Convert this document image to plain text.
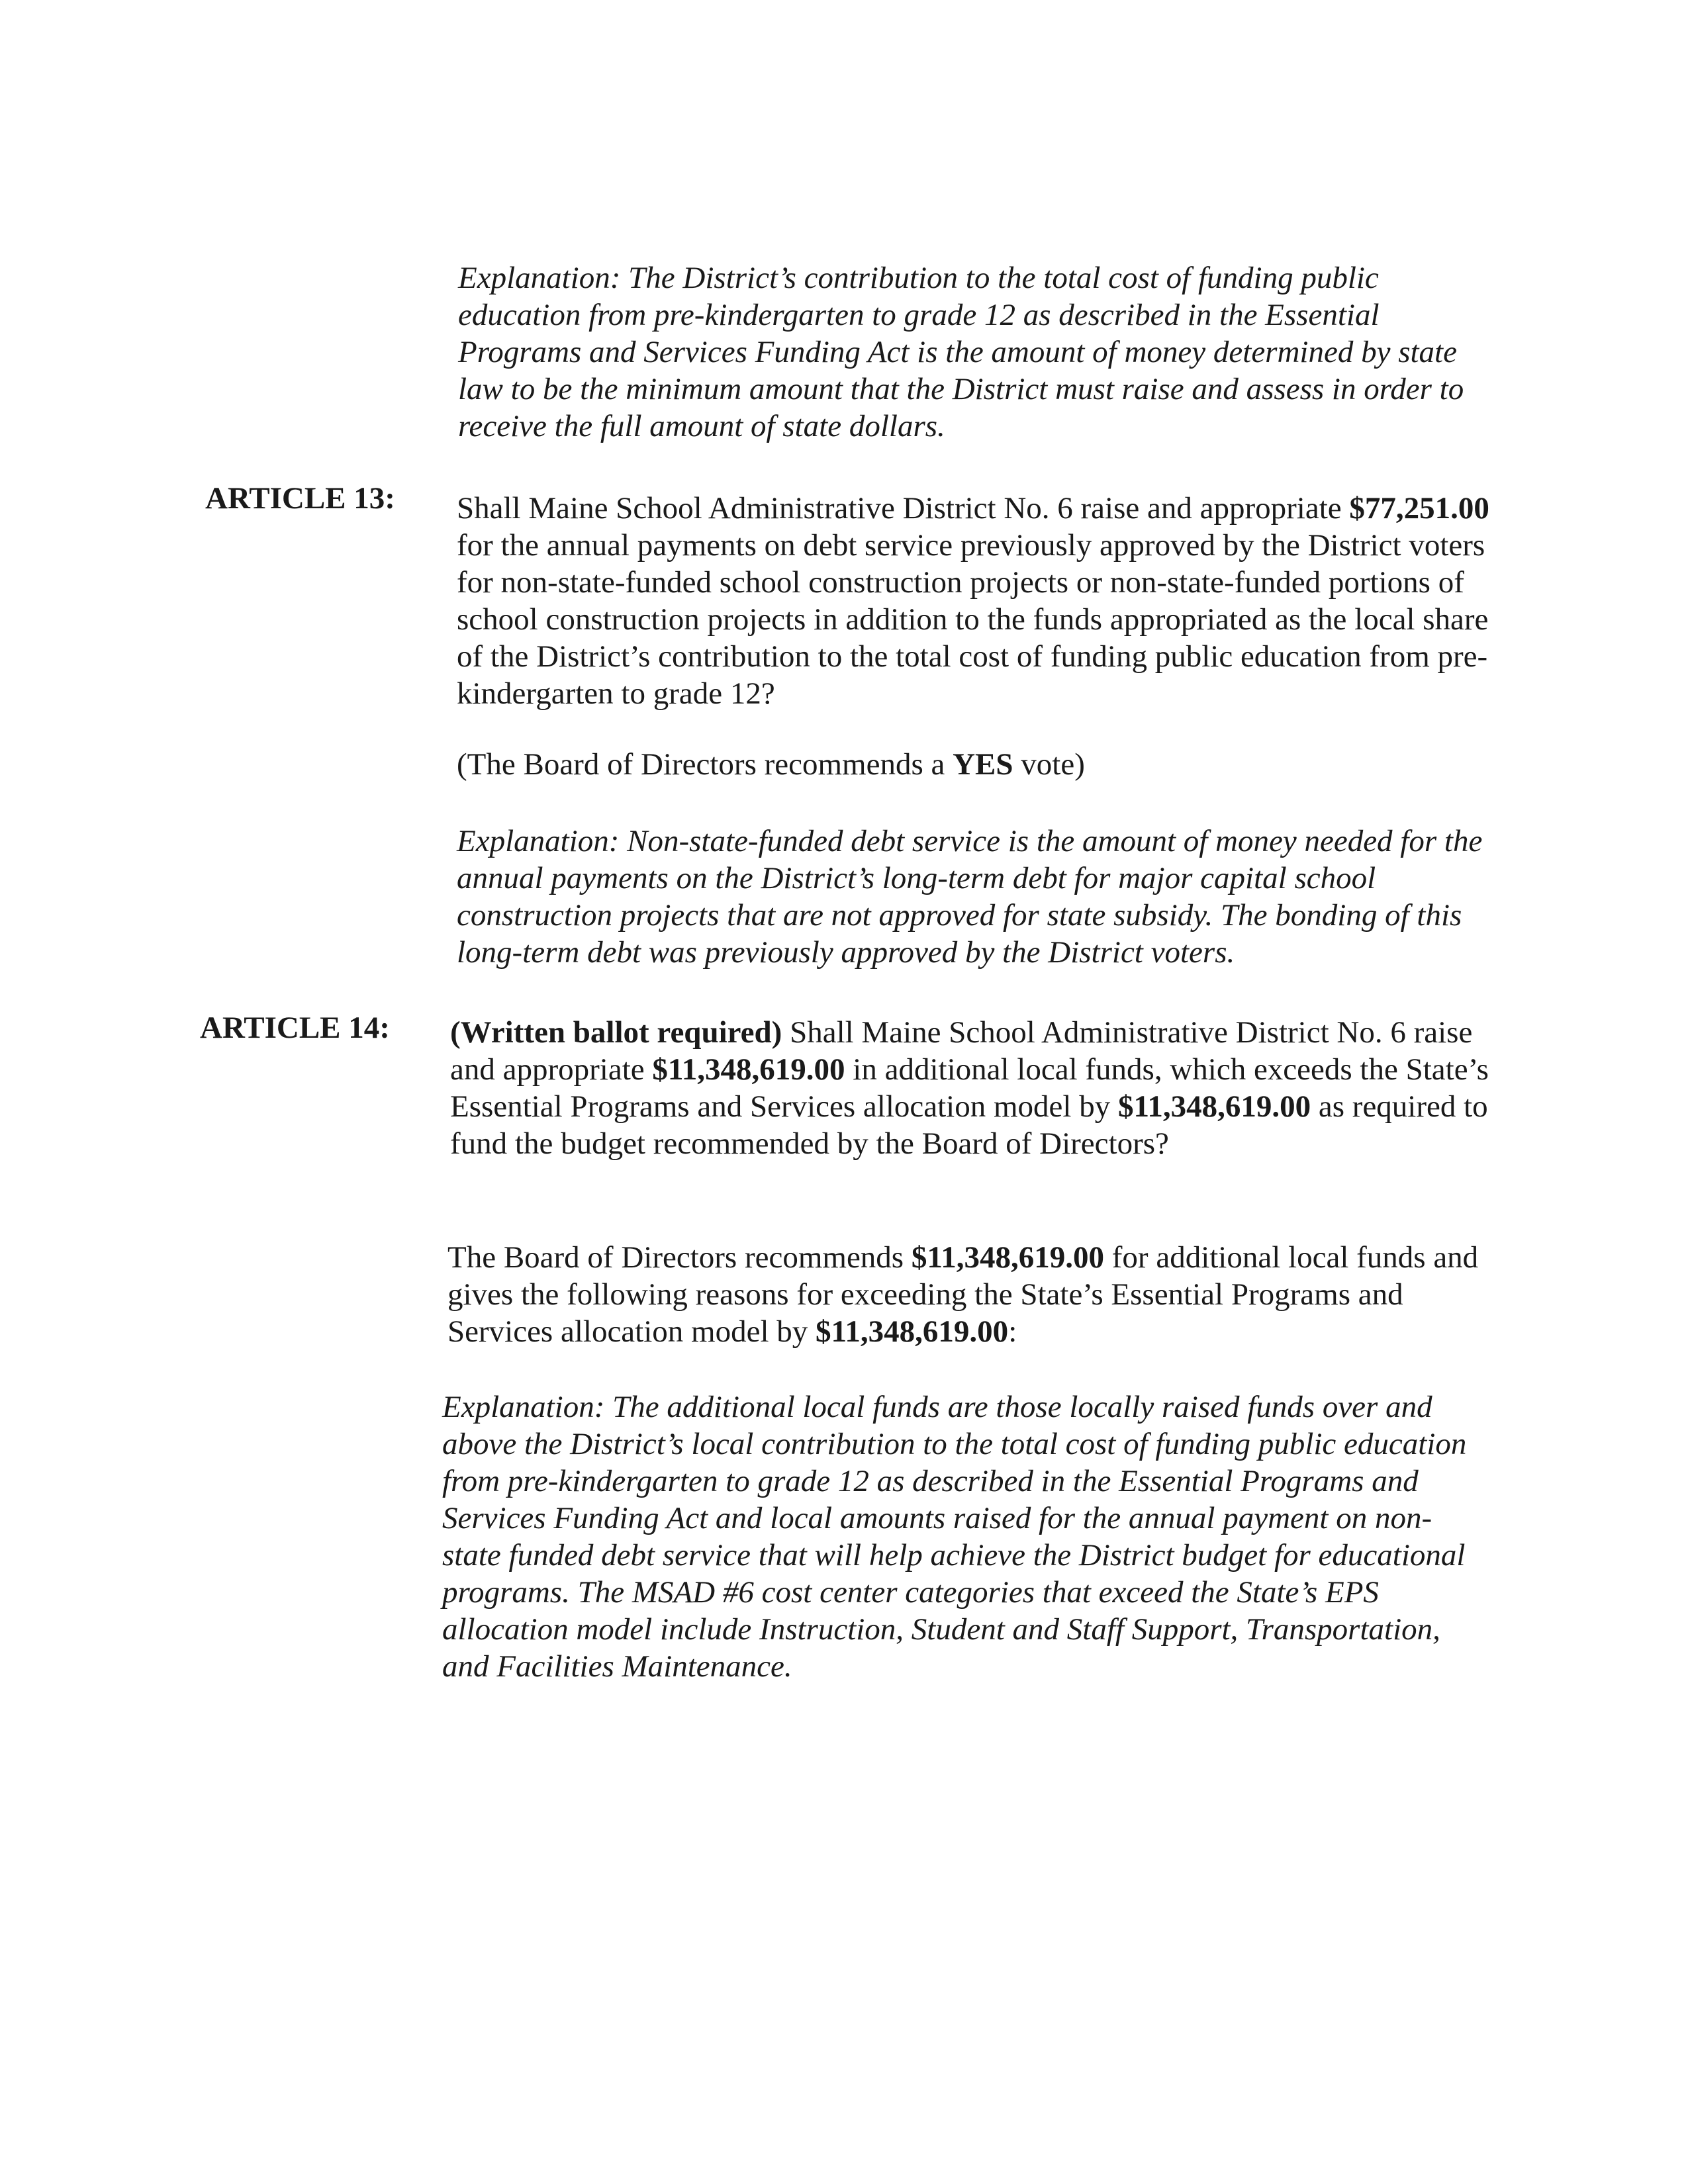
Explanation: The District’s contribution to the total cost of funding public education from pre-kindergarten to grade 12 as described in the Essential Programs and Services Funding Act is the amount of money determined by state law to be the minimum amount that the District must raise and assess in order to receive the full amount of state dollars.

ARTICLE 13: Shall Maine School Administrative District No. 6 raise and appropriate $77,251.00 for the annual payments on debt service previously approved by the District voters for non-state-funded school construction projects or non-state-funded portions of school construction projects in addition to the funds appropriated as the local share of the District’s contribution to the total cost of funding public education from pre-kindergarten to grade 12?

(The Board of Directors recommends a YES vote)

Explanation: Non-state-funded debt service is the amount of money needed for the annual payments on the District’s long-term debt for major capital school construction projects that are not approved for state subsidy. The bonding of this long-term debt was previously approved by the District voters.

ARTICLE 14: (Written ballot required) Shall Maine School Administrative District No. 6 raise and appropriate $11,348,619.00 in additional local funds, which exceeds the State’s Essential Programs and Services allocation model by $11,348,619.00 as required to fund the budget recommended by the Board of Directors?

The Board of Directors recommends $11,348,619.00 for additional local funds and gives the following reasons for exceeding the State’s Essential Programs and Services allocation model by $11,348,619.00:

Explanation: The additional local funds are those locally raised funds over and above the District’s local contribution to the total cost of funding public education from pre-kindergarten to grade 12 as described in the Essential Programs and Services Funding Act and local amounts raised for the annual payment on non-state funded debt service that will help achieve the District budget for educational programs. The MSAD #6 cost center categories that exceed the State’s EPS allocation model include Instruction, Student and Staff Support, Transportation, and Facilities Maintenance.
